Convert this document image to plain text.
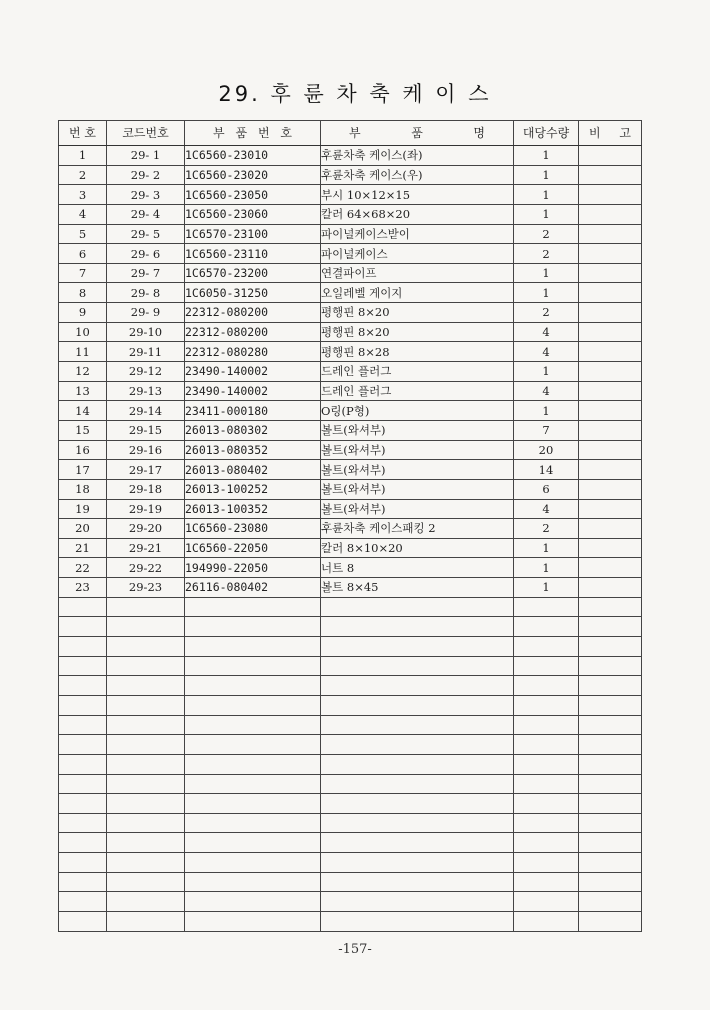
29. 후 륜 차 축 케 이 스
번 호	코드번호	부 품 번 호	부 품 명	대당수량	비 고

1	29- 1	1C6560-23010	후륜차축 케이스(좌)	1	
2	29- 2	1C6560-23020	후륜차축 케이스(우)	1	
3	29- 3	1C6560-23050	부시 10×12×15	1	
4	29- 4	1C6560-23060	칼러 64×68×20	1	
5	29- 5	1C6570-23100	파이널케이스받이	2	
6	29- 6	1C6560-23110	파이널케이스	2	
7	29- 7	1C6570-23200	연결파이프	1	
8	29- 8	1C6050-31250	오일레벨 게이지	1	
9	29- 9	22312-080200	평행핀 8×20	2	
10	29-10	22312-080200	평행핀 8×20	4	
11	29-11	22312-080280	평행핀 8×28	4	
12	29-12	23490-140002	드레인 플러그	1	
13	29-13	23490-140002	드레인 플러그	4	
14	29-14	23411-000180	O링(P형)	1	
15	29-15	26013-080302	볼트(와셔부)	7	
16	29-16	26013-080352	볼트(와셔부)	20	
17	29-17	26013-080402	볼트(와셔부)	14	
18	29-18	26013-100252	볼트(와셔부)	6	
19	29-19	26013-100352	볼트(와셔부)	4	
20	29-20	1C6560-23080	후륜차축 케이스패킹 2	2	
21	29-21	1C6560-22050	칼러 8×10×20	1	
22	29-22	194990-22050	너트 8	1	
23	29-23	26116-080402	볼트 8×45	1	

-157-
